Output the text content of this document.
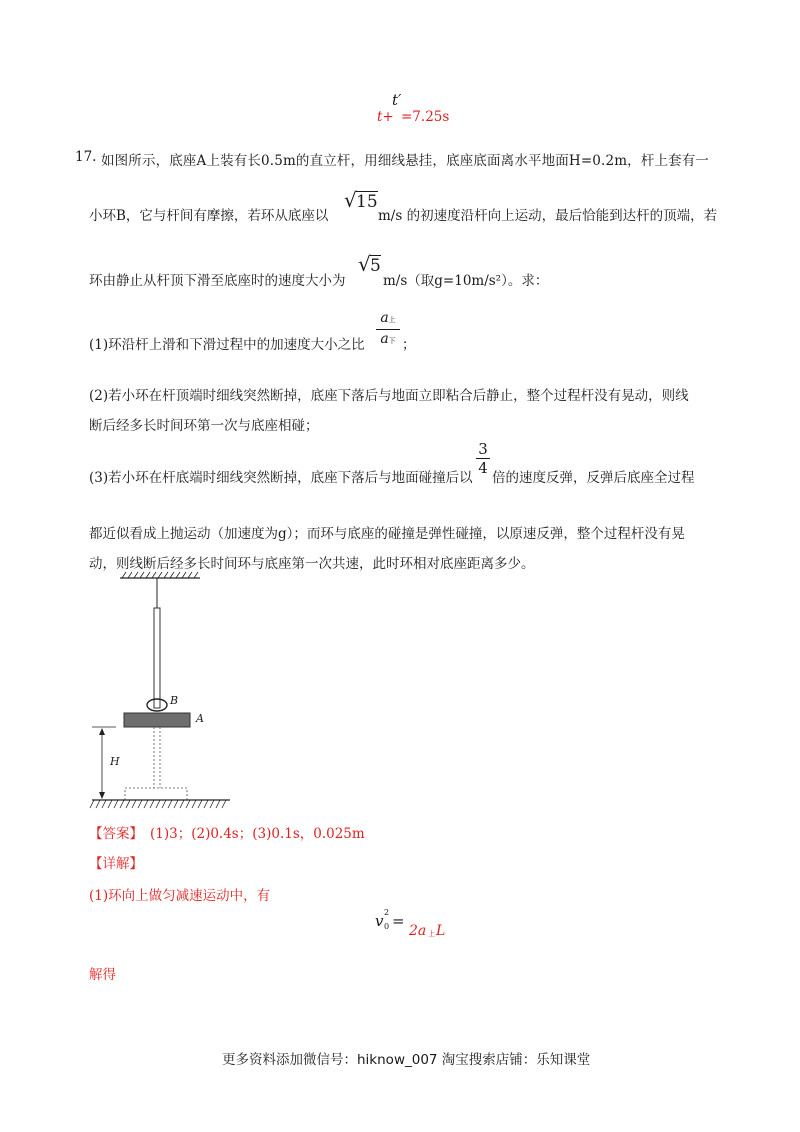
t+
t′
=7.25s
17. 如图所示，底座A上装有长0.5m的直立杆，用细线悬挂，底座底面离水平地面H=0.2m，杆上套有一
小环B，它与杆间有摩擦，若环从底座以
√ 15
m/s 的初速度沿杆向上运动，最后恰能到达杆的顶端，若
环由静止从杆顶下滑至底座时的速度大小为
√ 5
m/s（取g=10m/s²）。求：
(1)环沿杆上滑和下滑过程中的加速度大小之比
a上
a下 ；
(2)若小环在杆顶端时细线突然断掉，底座下落后与地面立即粘合后静止，整个过程杆没有晃动，则线
断后经多长时间环第一次与底座相碰；
(3)若小环在杆底端时细线突然断掉，底座下落后与地面碰撞后以
$\frac{3}{4}$
倍的速度反弹，反弹后底座全过程
都近似看成上抛运动（加速度为g）；而环与底座的碰撞是弹性碰撞，以原速反弹，整个过程杆没有晃
动，则线断后经多长时间环与底座第一次共速，此时环相对底座距离多少。
B
A
H
【答案】 (1)3；(2)0.4s；(3)0.1s，0.025m
【详解】
(1)环向上做匀减速运动中，有
v 2
0 =
2a 上 L
解得
更多资料添加微信号：hiknow_007 淘宝搜索店铺：乐知课堂
